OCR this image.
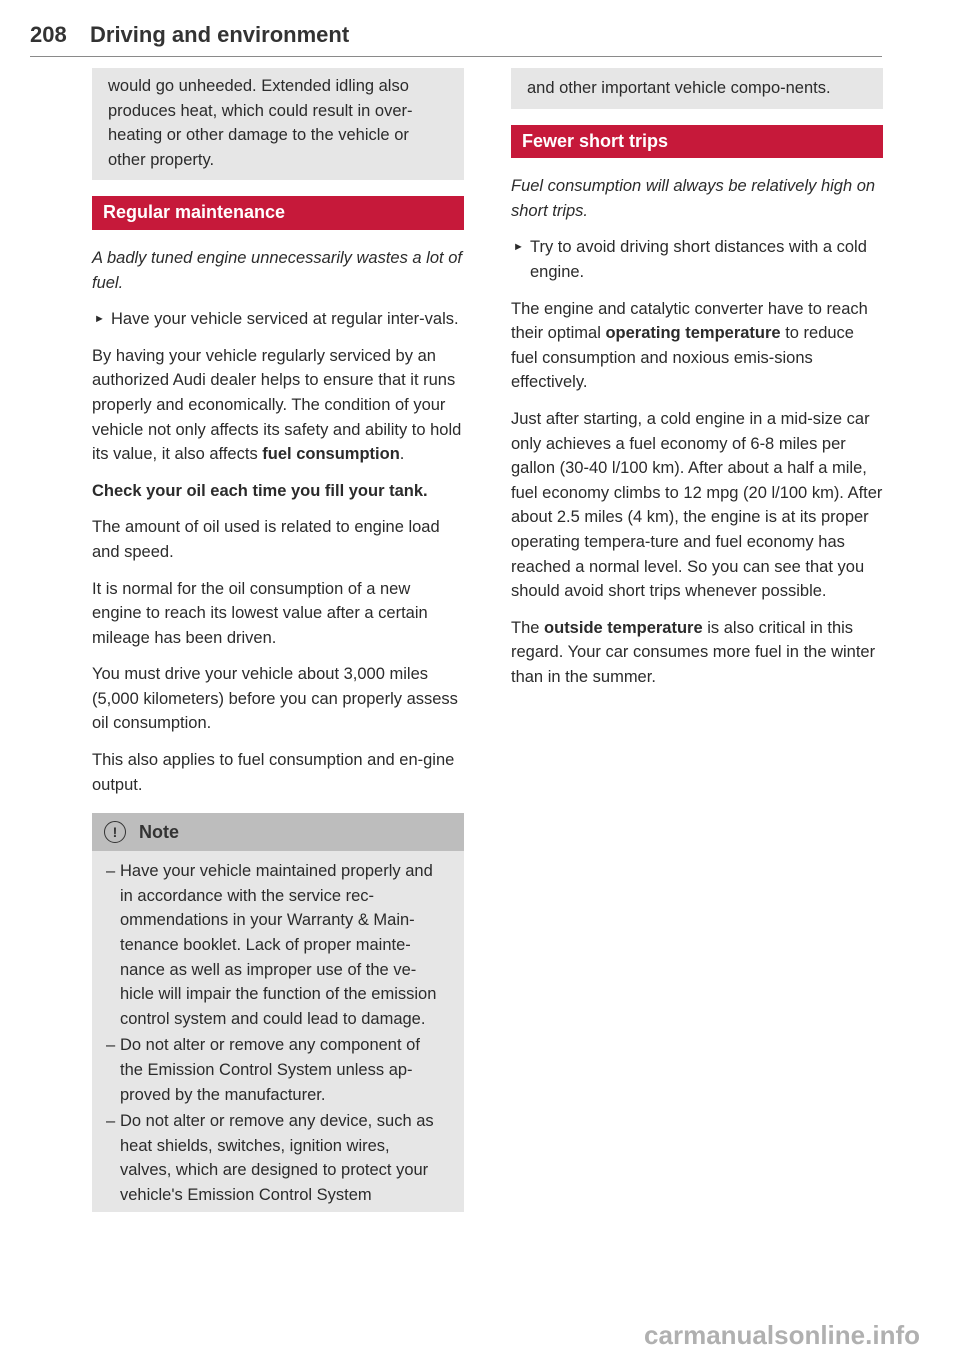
208 Driving and environment
would go unheeded. Extended idling also produces heat, which could result in over-heating or other damage to the vehicle or other property.
Regular maintenance

A badly tuned engine unnecessarily wastes a lot of fuel.

► Have your vehicle serviced at regular inter-vals.

By having your vehicle regularly serviced by an authorized Audi dealer helps to ensure that it runs properly and economically. The condition of your vehicle not only affects its safety and ability to hold its value, it also affects fuel consumption.

Check your oil each time you fill your tank.

The amount of oil used is related to engine load and speed.

It is normal for the oil consumption of a new engine to reach its lowest value after a certain mileage has been driven.

You must drive your vehicle about 3,000 miles (5,000 kilometers) before you can properly assess oil consumption.

This also applies to fuel consumption and en-gine output.

!	Note
– Have your vehicle maintained properly and in accordance with the service rec-ommendations in your Warranty & Main-tenance booklet. Lack of proper mainte-nance as well as improper use of the ve-hicle will impair the function of the emission control system and could lead to damage.
– Do not alter or remove any component of the Emission Control System unless ap-proved by the manufacturer.
– Do not alter or remove any device, such as heat shields, switches, ignition wires, valves, which are designed to protect your vehicle's Emission Control System
and other important vehicle compo-nents.
Fewer short trips

Fuel consumption will always be relatively high on short trips.

► Try to avoid driving short distances with a cold engine.

The engine and catalytic converter have to reach their optimal operating temperature to reduce fuel consumption and noxious emis-sions effectively.

Just after starting, a cold engine in a mid-size car only achieves a fuel economy of 6-8 miles per gallon (30-40 l/100 km). After about a half a mile, fuel economy climbs to 12 mpg (20 l/100 km). After about 2.5 miles (4 km), the engine is at its proper operating tempera-ture and fuel economy has reached a normal level. So you can see that you should avoid short trips whenever possible.

The outside temperature is also critical in this regard. Your car consumes more fuel in the winter than in the summer.

carmanualsonline.info
